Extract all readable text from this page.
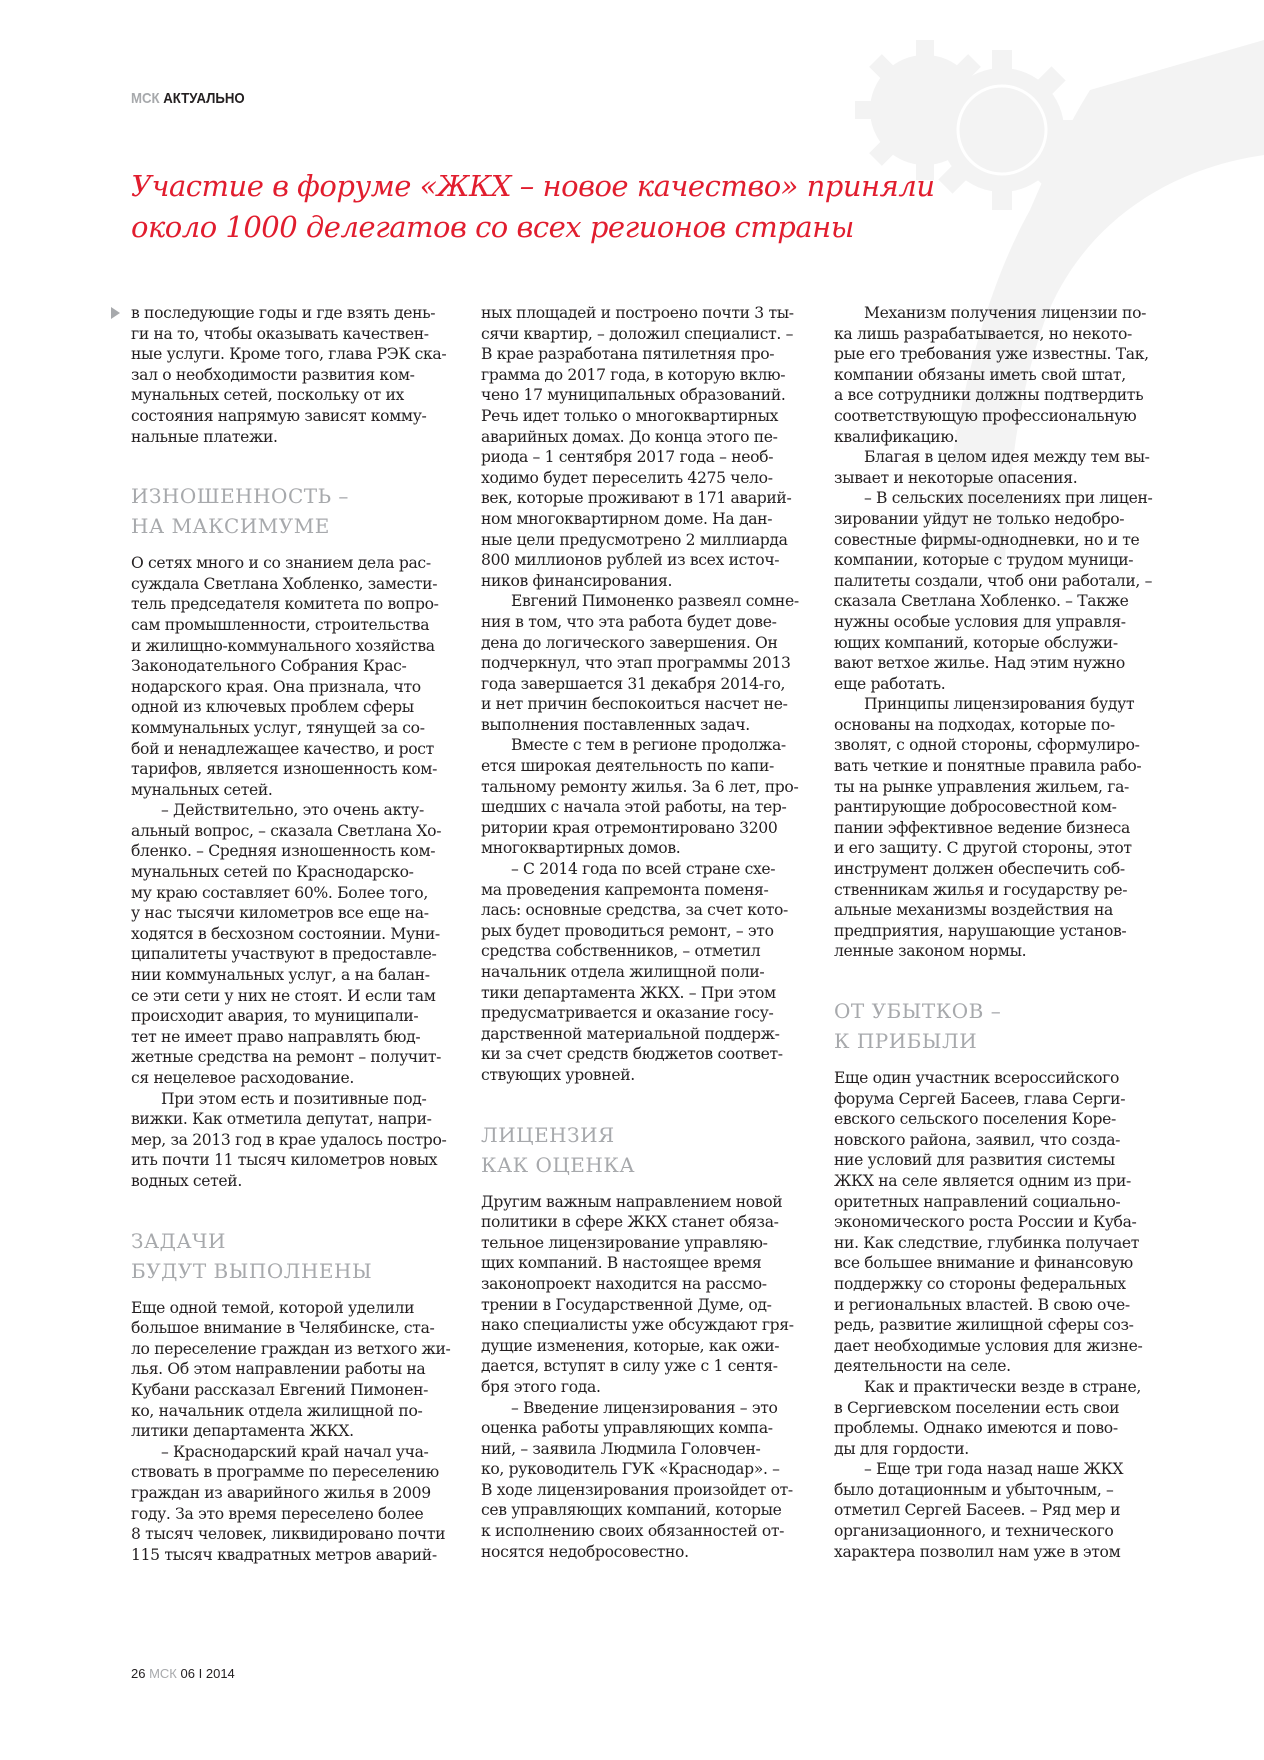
МСК АКТУАЛЬНО
Участие в форуме «ЖКХ – новое качество» приняли
около 1000 делегатов со всех регионов страны
в последующие годы и где взять день-
ги на то, чтобы оказывать качествен-
ные услуги. Кроме того, глава РЭК ска-
зал о необходимости развития ком-
мунальных сетей, поскольку от их
состояния напрямую зависят комму-
нальные платежи.
ИЗНОШЕННОСТЬ –
НА МАКСИМУМЕ
О сетях много и со знанием дела рас-
суждала Светлана Хобленко, замести-
тель председателя комитета по вопро-
сам промышленности, строительства
и жилищно-коммунального хозяйства
Законодательного Собрания Крас-
нодарского края. Она признала, что
одной из ключевых проблем сферы
коммунальных услуг, тянущей за со-
бой и ненадлежащее качество, и рост
тарифов, является изношенность ком-
мунальных сетей.
– Действительно, это очень акту-
альный вопрос, – сказала Светлана Хо-
бленко. – Средняя изношенность ком-
мунальных сетей по Краснодарско-
му краю составляет 60%. Более того,
у нас тысячи километров все еще на-
ходятся в бесхозном состоянии. Муни-
ципалитеты участвуют в предоставле-
нии коммунальных услуг, а на балан-
се эти сети у них не стоят. И если там
происходит авария, то муниципали-
тет не имеет право направлять бюд-
жетные средства на ремонт – получит-
ся нецелевое расходование.
При этом есть и позитивные под-
вижки. Как отметила депутат, напри-
мер, за 2013 год в крае удалось постро-
ить почти 11 тысяч километров новых
водных сетей.
ЗАДАЧИ
БУДУТ ВЫПОЛНЕНЫ
Еще одной темой, которой уделили
большое внимание в Челябинске, ста-
ло переселение граждан из ветхого жи-
лья. Об этом направлении работы на
Кубани рассказал Евгений Пимонен-
ко, начальник отдела жилищной по-
литики департамента ЖКХ.
– Краснодарский край начал уча-
ствовать в программе по переселению
граждан из аварийного жилья в 2009
году. За это время переселено более
8 тысяч человек, ликвидировано почти
115 тысяч квадратных метров аварий-
ных площадей и построено почти 3 ты-
сячи квартир, – доложил специалист. –
В крае разработана пятилетняя про-
грамма до 2017 года, в которую вклю-
чено 17 муниципальных образований.
Речь идет только о многоквартирных
аварийных домах. До конца этого пе-
риода – 1 сентября 2017 года – необ-
ходимо будет переселить 4275 чело-
век, которые проживают в 171 аварий-
ном многоквартирном доме. На дан-
ные цели предусмотрено 2 миллиарда
800 миллионов рублей из всех источ-
ников финансирования.
Евгений Пимоненко развеял сомне-
ния в том, что эта работа будет дове-
дена до логического завершения. Он
подчеркнул, что этап программы 2013
года завершается 31 декабря 2014-го,
и нет причин беспокоиться насчет не-
выполнения поставленных задач.
Вместе с тем в регионе продолжа-
ется широкая деятельность по капи-
тальному ремонту жилья. За 6 лет, про-
шедших с начала этой работы, на тер-
ритории края отремонтировано 3200
многоквартирных домов.
– С 2014 года по всей стране схе-
ма проведения капремонта поменя-
лась: основные средства, за счет кото-
рых будет проводиться ремонт, – это
средства собственников, – отметил
начальник отдела жилищной поли-
тики департамента ЖКХ. – При этом
предусматривается и оказание госу-
дарственной материальной поддерж-
ки за счет средств бюджетов соответ-
ствующих уровней.
ЛИЦЕНЗИЯ
КАК ОЦЕНКА
Другим важным направлением новой
политики в сфере ЖКХ станет обяза-
тельное лицензирование управляю-
щих компаний. В настоящее время
законопроект находится на рассмо-
трении в Государственной Думе, од-
нако специалисты уже обсуждают гря-
дущие изменения, которые, как ожи-
дается, вступят в силу уже с 1 сентя-
бря этого года.
– Введение лицензирования – это
оценка работы управляющих компа-
ний, – заявила Людмила Головчен-
ко, руководитель ГУК «Краснодар». –
В ходе лицензирования произойдет от-
сев управляющих компаний, которые
к исполнению своих обязанностей от-
носятся недобросовестно.
Механизм получения лицензии по-
ка лишь разрабатывается, но некото-
рые его требования уже известны. Так,
компании обязаны иметь свой штат,
а все сотрудники должны подтвердить
соответствующую профессиональную
квалификацию.
Благая в целом идея между тем вы-
зывает и некоторые опасения.
– В сельских поселениях при лицен-
зировании уйдут не только недобро-
совестные фирмы-однодневки, но и те
компании, которые с трудом муници-
палитеты создали, чтоб они работали, –
сказала Светлана Хобленко. – Также
нужны особые условия для управля-
ющих компаний, которые обслужи-
вают ветхое жилье. Над этим нужно
еще работать.
Принципы лицензирования будут
основаны на подходах, которые по-
зволят, с одной стороны, сформулиро-
вать четкие и понятные правила рабо-
ты на рынке управления жильем, га-
рантирующие добросовестной ком-
пании эффективное ведение бизнеса
и его защиту. С другой стороны, этот
инструмент должен обеспечить соб-
ственникам жилья и государству ре-
альные механизмы воздействия на
предприятия, нарушающие установ-
ленные законом нормы.
ОТ УБЫТКОВ –
К ПРИБЫЛИ
Еще один участник всероссийского
форума Сергей Басеев, глава Серги-
евского сельского поселения Коре-
новского района, заявил, что созда-
ние условий для развития системы
ЖКХ на селе является одним из при-
оритетных направлений социально-
экономического роста России и Куба-
ни. Как следствие, глубинка получает
все большее внимание и финансовую
поддержку со стороны федеральных
и региональных властей. В свою оче-
редь, развитие жилищной сферы соз-
дает необходимые условия для жизне-
деятельности на селе.
Как и практически везде в стране,
в Сергиевском поселении есть свои
проблемы. Однако имеются и пово-
ды для гордости.
– Еще три года назад наше ЖКХ
было дотационным и убыточным, –
отметил Сергей Басеев. – Ряд мер и
организационного, и технического
характера позволил нам уже в этом
26 МСК 06 I 2014
